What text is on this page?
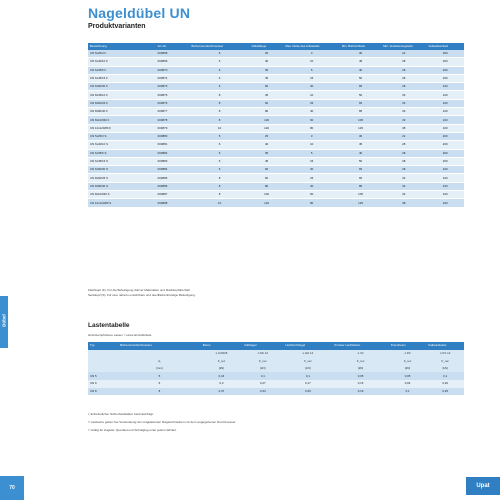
Nageldübel UN
Produktvarianten
Bezeichnung	Art.-Nr.	Bohrernenndurchmesser	Dübellänge	Max. Dicke des Anbauteils	Min. Bohrlochtiefe	Min. Verankerungstiefe	Verkaufseinheit
UN 5x25/3 F	000868	5	25	3	30	22	200
UN 6x40/10 F	000869	6	40	10	45	28	200
UN 6x35/5 F	000870	6	35	5	40	28	200
UN 6x45/15 F	000874	6	45	15	50	28	200
UN 6x60/30 F	000873	6	60	30	65	28	100
UN 8x45/10 F	000875	8	45	10	50	33	100
UN 8x60/25 F	000876	8	60	25	65	33	100
UN 8x80/40 F	000877	8	80	40	85	33	100
UN 8x100/60 F	000878	8	100	60	105	33	100
UN 10x120/80 F	000879	10	120	80	125	38	100
UN 5x25/3 S	000880	5	25	3	30	22	200
UN 6x40/10 S	000881	6	40	10	45	28	200
UN 6x35/5 S	000882	6	35	5	40	28	200
UN 6x45/15 S	000883	6	45	15	50	28	200
UN 6x60/30 S	000884	6	60	30	65	28	100
UN 8x60/25 S	000885	8	60	25	65	33	100
UN 8x80/40 S	000886	8	80	40	85	33	100
UN 8x100/60 S	000887	8	100	60	105	33	100
UN 10x120/80 S	000888	10	120	80	125	38	100
Flachkopf (F): Für die Befestigung dünner Materialien und Flachkopfüberhall.
Senkkopf (S): Für eine nahezu unsichtbare und oberflächenbündige Befestigung.
Lastentabelle
Höchstempfohlene Lasten ¹⁾ eines Einzeldübels.
Typ	Bohrernenndurchmesser	Beton	Vollziegel	Hochlochziegel	Poröser Leichtbeton	Porenbeton	Kalksandstein
		≥ C20/25	≥ Mz 12	≥ Hlz 12	≥ V2	≥ P2	≥ KS 12
	d₀	F_rec	F_rec	F_rec	F_rec	F_rec	F_rec
	[mm]	[kN]	[kN]	[kN]	[kN]	[kN]	[kN]
UN 5	5	0,16	0,1	0,1	0,05	0,05	0,1
UN 6	6	0,3	0,27	0,17	0,15	0,04	0,20
UN 8	8	0,37	0,34	0,25	0,19	0,1	0,25
¹⁾ Erforderlicher Sicherheitsfaktor berücksichtigt.
¹⁾ Lastwerte gelten bei Verwendung der mitgelieferten Nagelschrauben mit dem angegebenen Durchmesser.
¹⁾ Gültig für Zuglast, Querlast und Schräglug unter jedem Winkel.
Dübel
70	Upat
